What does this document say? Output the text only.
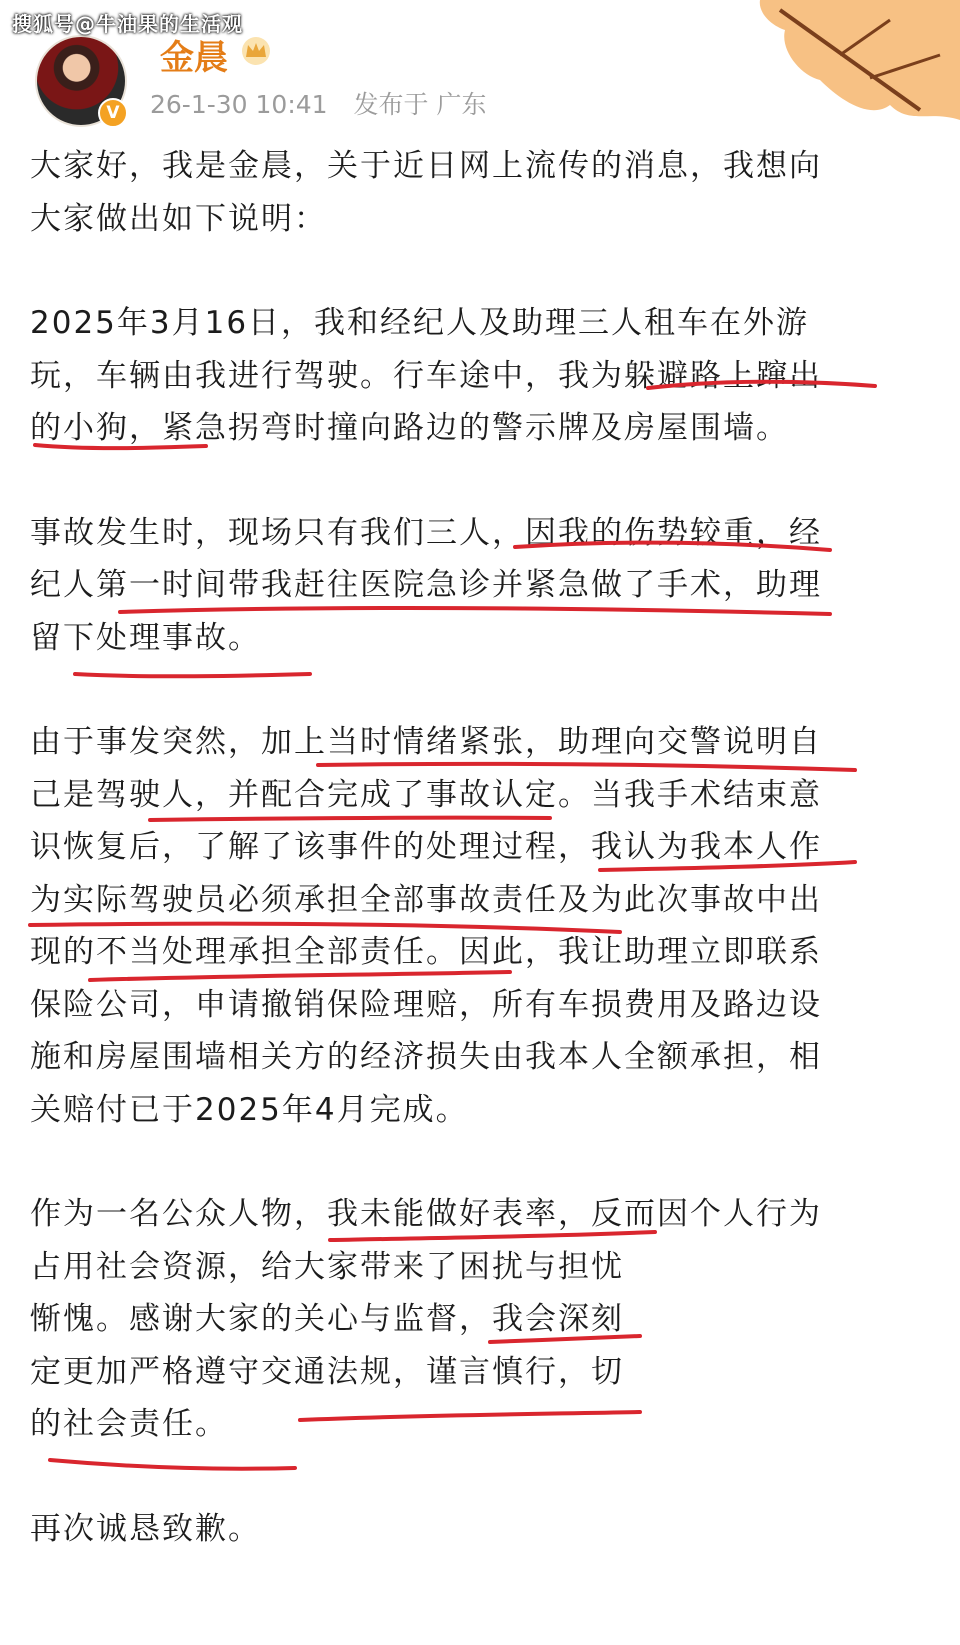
搜狐号@牛油果的生活观
V
金晨
26-1-30 10:41 发布于 广东

大家好，我是金晨，关于近日网上流传的消息，我想向
大家做出如下说明：

2025年3月16日，我和经纪人及助理三人租车在外游
玩，车辆由我进行驾驶。行车途中，我为躲避路上蹿出
的小狗，紧急拐弯时撞向路边的警示牌及房屋围墙。

事故发生时，现场只有我们三人，因我的伤势较重，经
纪人第一时间带我赶往医院急诊并紧急做了手术，助理
留下处理事故。

由于事发突然，加上当时情绪紧张，助理向交警说明自
己是驾驶人，并配合完成了事故认定。当我手术结束意
识恢复后，了解了该事件的处理过程，我认为我本人作
为实际驾驶员必须承担全部事故责任及为此次事故中出
现的不当处理承担全部责任。因此，我让助理立即联系
保险公司，申请撤销保险理赔，所有车损费用及路边设
施和房屋围墙相关方的经济损失由我本人全额承担，相
关赔付已于2025年4月完成。

作为一名公众人物，我未能做好表率，反而因个人行为
占用社会资源，给大家带来了困扰与担忧
惭愧。感谢大家的关心与监督，我会深刻
定更加严格遵守交通法规，谨言慎行，切
的社会责任。

再次诚恳致歉。
